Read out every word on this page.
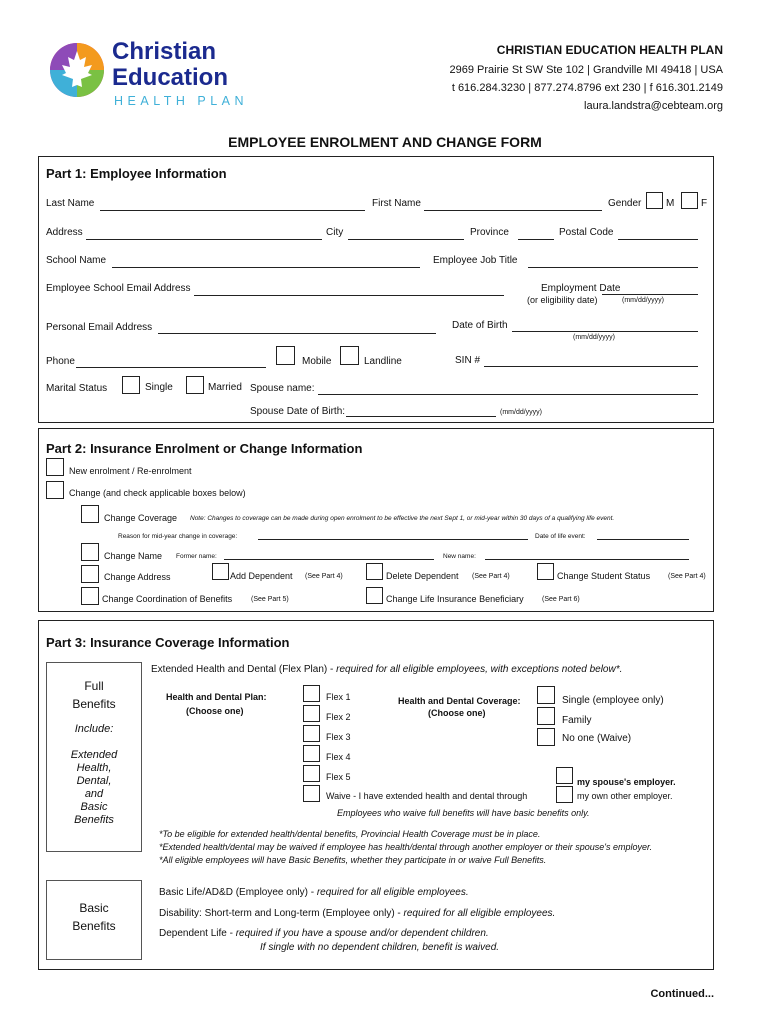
Christian
Education
HEALTH PLAN
CHRISTIAN EDUCATION HEALTH PLAN
2969 Prairie St SW Ste 102 | Grandville MI 49418 | USA
t 616.284.3230 | 877.274.8796 ext 230 | f 616.301.2149
laura.landstra@cebteam.org
EMPLOYEE ENROLMENT AND CHANGE FORM
Part 1: Employee Information
Last Name	First Name	Gender M	F
Address	City	Province	Postal Code
School Name	Employee Job Title
Employee School Email Address	Employment Date
(or eligibility date)	(mm/dd/yyyy)
Personal Email Address	Date of Birth
(mm/dd/yyyy)
Phone	Mobile	Landline	SIN #
Marital Status	Single	Married Spouse name:
Spouse Date of Birth:	(mm/dd/yyyy)
Part 2: Insurance Enrolment or Change Information
New enrolment / Re-enrolment
Change (and check applicable boxes below)
Change Coverage Note: Changes to coverage can be made during open enrolment to be effective the next Sept 1, or mid-year within 30 days of a qualifying life event.
Reason for mid-year change in coverage:	Date of life event:
Change Name Former name:	New name:
Change Address	Add Dependent (See Part 4)	Delete Dependent (See Part 4)	Change Student Status	(See Part 4)
Change Coordination of Benefits	(See Part 5)	Change Life Insurance Beneficiary	(See Part 6)
Part 3: Insurance Coverage Information
Full
Benefits
Include:
Extended
Health,
Dental,
and
Basic
Benefits
Extended Health and Dental (Flex Plan) - required for all eligible employees, with exceptions noted below*.
Health and Dental Plan:
(Choose one)
Flex 1
Flex 2
Flex 3
Flex 4
Flex 5
Waive - I have extended health and dental through
Health and Dental Coverage:
(Choose one)
Single (employee only)
Family
No one (Waive)
my spouse's employer.
my own other employer.
Employees who waive full benefits will have basic benefits only.
*To be eligible for extended health/dental benefits, Provincial Health Coverage must be in place.
*Extended health/dental may be waived if employee has health/dental through another employer or their spouse's employer.
*All eligible employees will have Basic Benefits, whether they participate in or waive Full Benefits.
Basic
Benefits
Basic Life/AD&D (Employee only) - required for all eligible employees.
Disability: Short-term and Long-term (Employee only) - required for all eligible employees.
Dependent Life - required if you have a spouse and/or dependent children.
If single with no dependent children, benefit is waived.
Continued...
